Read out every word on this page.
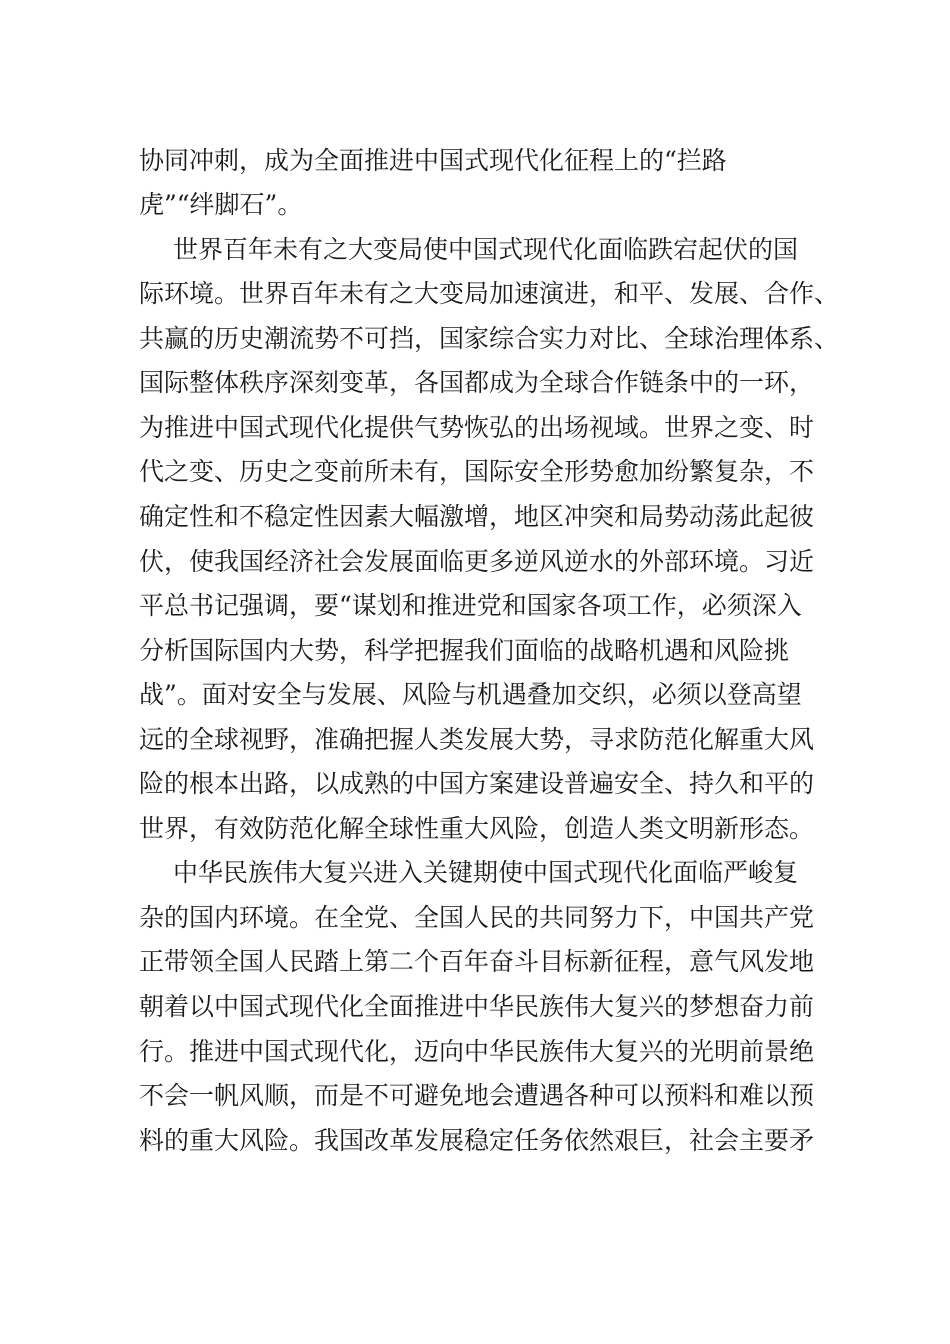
协同冲刺，成为全面推进中国式现代化征程上的“拦路
虎”“绊脚石”。
世界百年未有之大变局使中国式现代化面临跌宕起伏的国
际环境。世界百年未有之大变局加速演进，和平、发展、合作、
共赢的历史潮流势不可挡，国家综合实力对比、全球治理体系、
国际整体秩序深刻变革，各国都成为全球合作链条中的一环，
为推进中国式现代化提供气势恢弘的出场视域。世界之变、时
代之变、历史之变前所未有，国际安全形势愈加纷繁复杂，不
确定性和不稳定性因素大幅激增，地区冲突和局势动荡此起彼
伏，使我国经济社会发展面临更多逆风逆水的外部环境。习近
平总书记强调，要“谋划和推进党和国家各项工作，必须深入
分析国际国内大势，科学把握我们面临的战略机遇和风险挑
战”。面对安全与发展、风险与机遇叠加交织，必须以登高望
远的全球视野，准确把握人类发展大势，寻求防范化解重大风
险的根本出路，以成熟的中国方案建设普遍安全、持久和平的
世界，有效防范化解全球性重大风险，创造人类文明新形态。
中华民族伟大复兴进入关键期使中国式现代化面临严峻复
杂的国内环境。在全党、全国人民的共同努力下，中国共产党
正带领全国人民踏上第二个百年奋斗目标新征程，意气风发地
朝着以中国式现代化全面推进中华民族伟大复兴的梦想奋力前
行。推进中国式现代化，迈向中华民族伟大复兴的光明前景绝
不会一帆风顺，而是不可避免地会遭遇各种可以预料和难以预
料的重大风险。我国改革发展稳定任务依然艰巨，社会主要矛
